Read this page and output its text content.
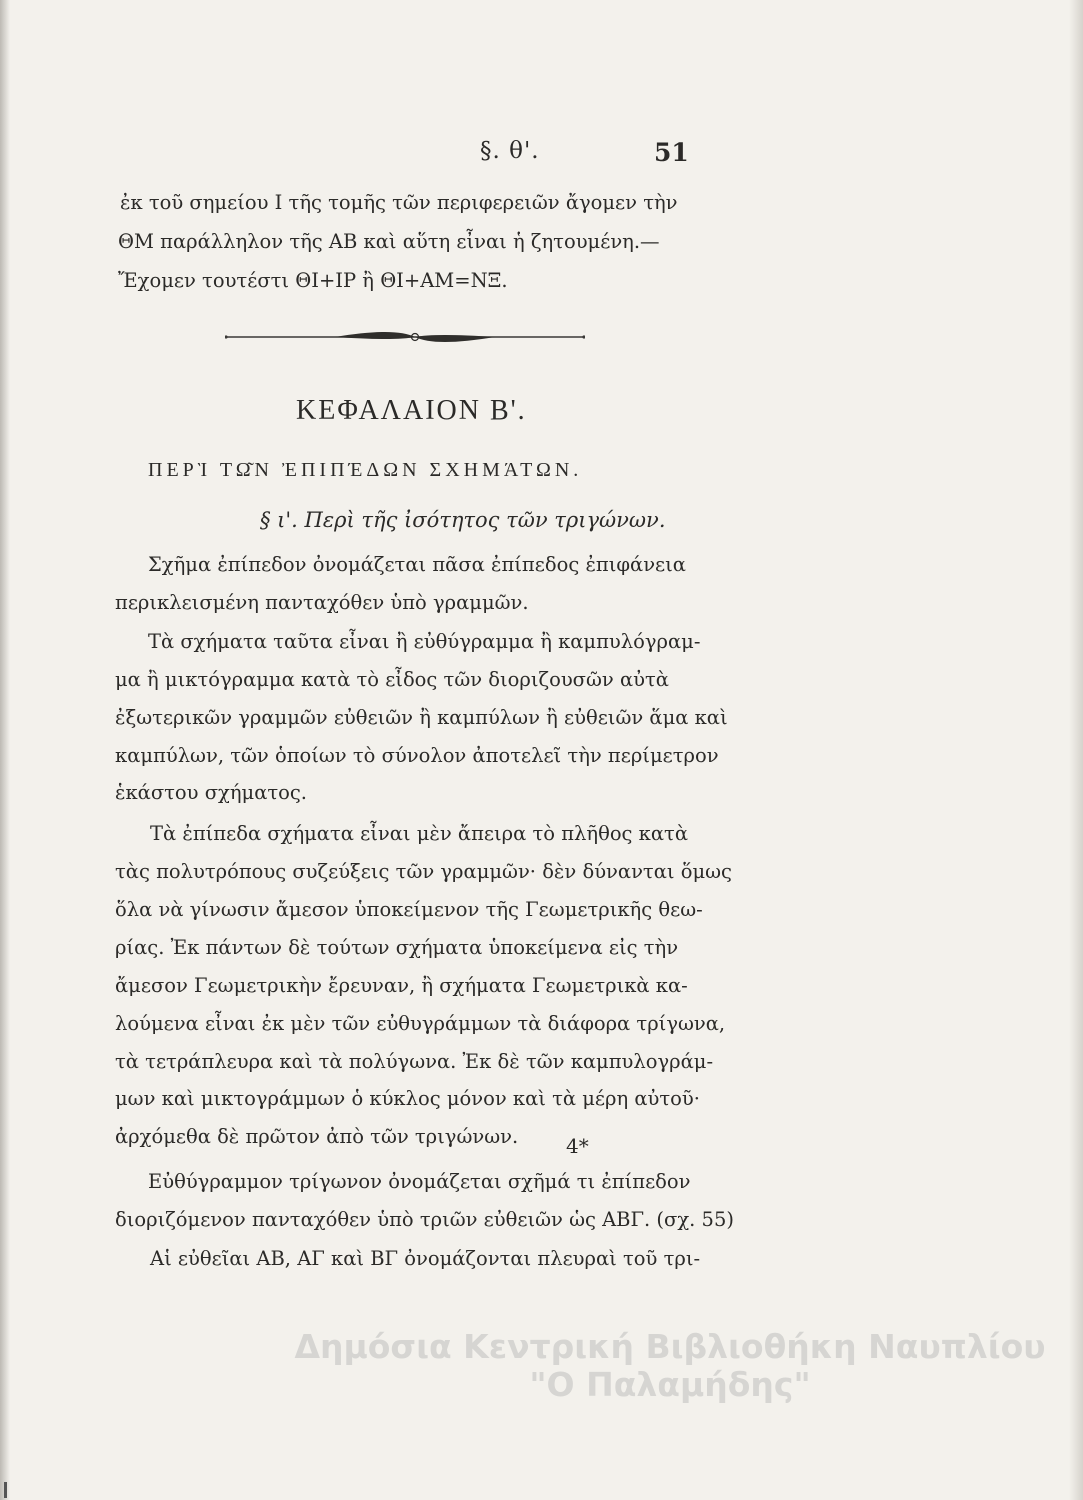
§. θ'.	51
ἐκ τοῦ σημείου Ι τῆς τομῆς τῶν περιφερειῶν ἄγομεν τὴν
ΘΜ παράλληλον τῆς ΑΒ καὶ αὕτη εἶναι ἡ ζητουμένη.—
Ἔχομεν τουτέστι ΘΙ+ΙΡ ἢ ΘΙ+ΑΜ=ΝΞ.
ΚΕΦΑΛΑΙΟΝ Β'.
ΠΕΡῚ ΤΩ͂Ν ἘΠΙΠΈΔΩΝ ΣΧΗΜΆΤΩΝ.
§ ι'. Περὶ τῆς ἰσότητος τῶν τριγώνων.
Σχῆμα ἐπίπεδον ὀνομάζεται πᾶσα ἐπίπεδος ἐπιφάνεια
περικλεισμένη πανταχόθεν ὑπὸ γραμμῶν.
Τὰ σχήματα ταῦτα εἶναι ἢ εὐθύγραμμα ἢ καμπυλόγραμ-
μα ἢ μικτόγραμμα κατὰ τὸ εἶδος τῶν διοριζουσῶν αὐτὰ
ἐξωτερικῶν γραμμῶν εὐθειῶν ἢ καμπύλων ἢ εὐθειῶν ἅμα καὶ
καμπύλων, τῶν ὁποίων τὸ σύνολον ἀποτελεῖ τὴν περίμετρον
ἑκάστου σχήματος.
Τὰ ἐπίπεδα σχήματα εἶναι μὲν ἄπειρα τὸ πλῆθος κατὰ
τὰς πολυτρόπους συζεύξεις τῶν γραμμῶν· δὲν δύνανται ὅμως
ὅλα νὰ γίνωσιν ἄμεσον ὑποκείμενον τῆς Γεωμετρικῆς θεω-
ρίας. Ἐκ πάντων δὲ τούτων σχήματα ὑποκείμενα εἰς τὴν
ἄμεσον Γεωμετρικὴν ἔρευναν, ἢ σχήματα Γεωμετρικὰ κα-
λούμενα εἶναι ἐκ μὲν τῶν εὐθυγράμμων τὰ διάφορα τρίγωνα,
τὰ τετράπλευρα καὶ τὰ πολύγωνα. Ἐκ δὲ τῶν καμπυλογράμ-
μων καὶ μικτογράμμων ὁ κύκλος μόνον καὶ τὰ μέρη αὐτοῦ·
ἀρχόμεθα δὲ πρῶτον ἀπὸ τῶν τριγώνων.
Εὐθύγραμμον τρίγωνον ὀνομάζεται σχῆμά τι ἐπίπεδον
διοριζόμενον πανταχόθεν ὑπὸ τριῶν εὐθειῶν ὡς ΑΒΓ. (σχ. 55)
Αἱ εὐθεῖαι ΑΒ, ΑΓ καὶ ΒΓ ὀνομάζονται πλευραὶ τοῦ τρι-
4*
Δημόσια Κεντρική Βιβλιοθήκη Ναυπλίου
"Ο Παλαμήδης"
